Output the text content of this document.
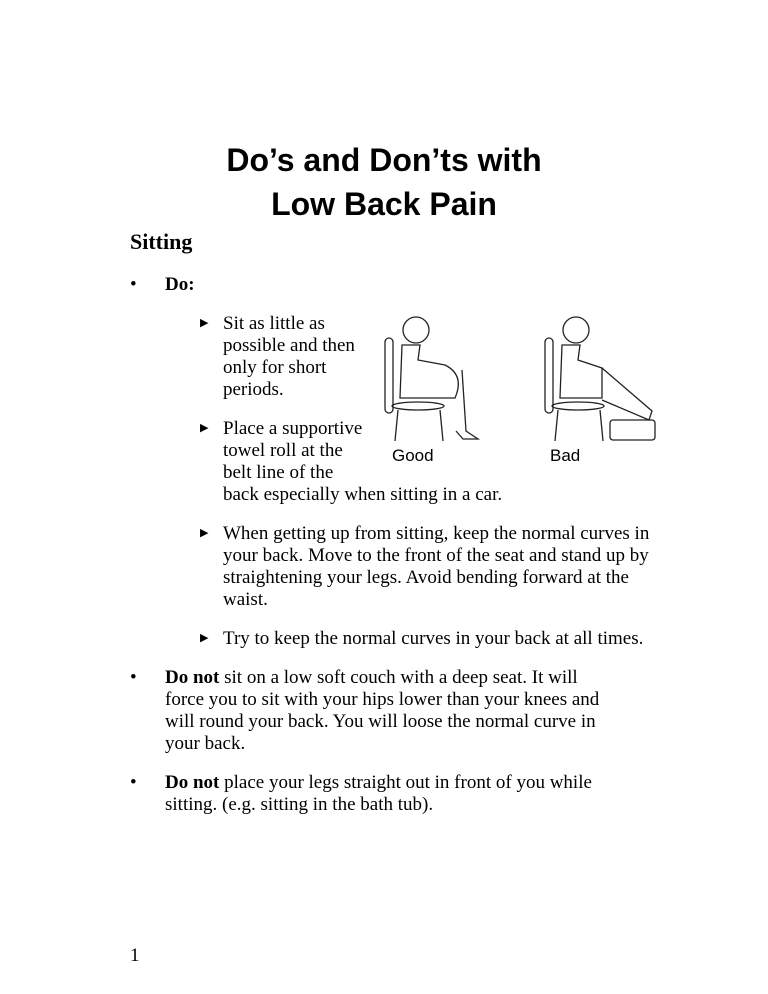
Do’s and Don’ts with
Low Back Pain
Sitting
• Do:
Good	Bad
▶ Sit as little as possible and then only for short periods.
▶ Place a supportive towel roll at the belt line of the back especially when sitting in a car.
▶ When getting up from sitting, keep the normal curves in your back. Move to the front of the seat and stand up by straightening your legs. Avoid bending forward at the waist.
▶ Try to keep the normal curves in your back at all times.
• Do not sit on a low soft couch with a deep seat. It will force you to sit with your hips lower than your knees and will round your back. You will loose the normal curve in your back.
• Do not place your legs straight out in front of you while sitting. (e.g. sitting in the bath tub).
1
